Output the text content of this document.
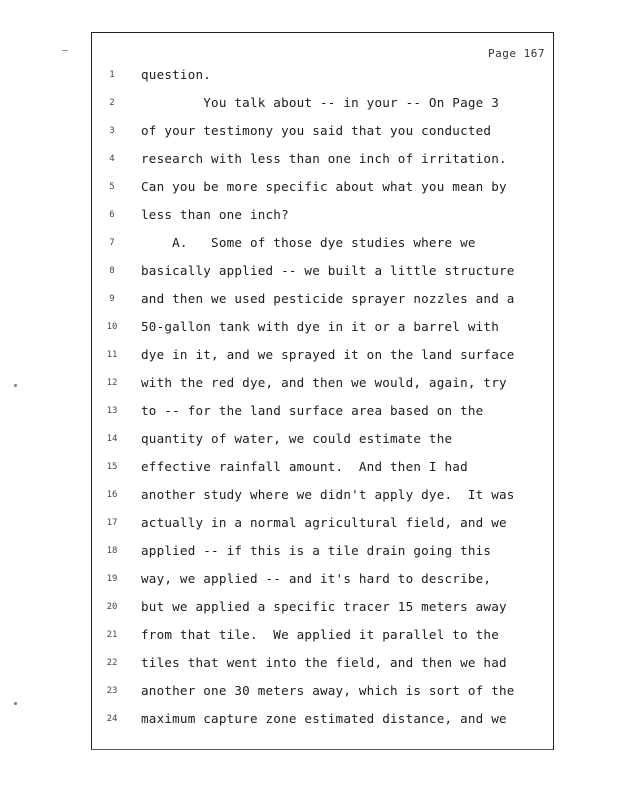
Page 167
1	question.
2	You talk about -- in your -- On Page 3
3	of your testimony you said that you conducted
4	research with less than one inch of irritation.
5	Can you be more specific about what you mean by
6	less than one inch?
7	A.   Some of those dye studies where we
8	basically applied -- we built a little structure
9	and then we used pesticide sprayer nozzles and a
10 50-gallon tank with dye in it or a barrel with
11 dye in it, and we sprayed it on the land surface
12 with the red dye, and then we would, again, try
13 to -- for the land surface area based on the
14 quantity of water, we could estimate the
15 effective rainfall amount.  And then I had
16 another study where we didn't apply dye.  It was
17 actually in a normal agricultural field, and we
18 applied -- if this is a tile drain going this
19 way, we applied -- and it's hard to describe,
20 but we applied a specific tracer 15 meters away
21 from that tile.  We applied it parallel to the
22 tiles that went into the field, and then we had
23 another one 30 meters away, which is sort of the
24 maximum capture zone estimated distance, and we
